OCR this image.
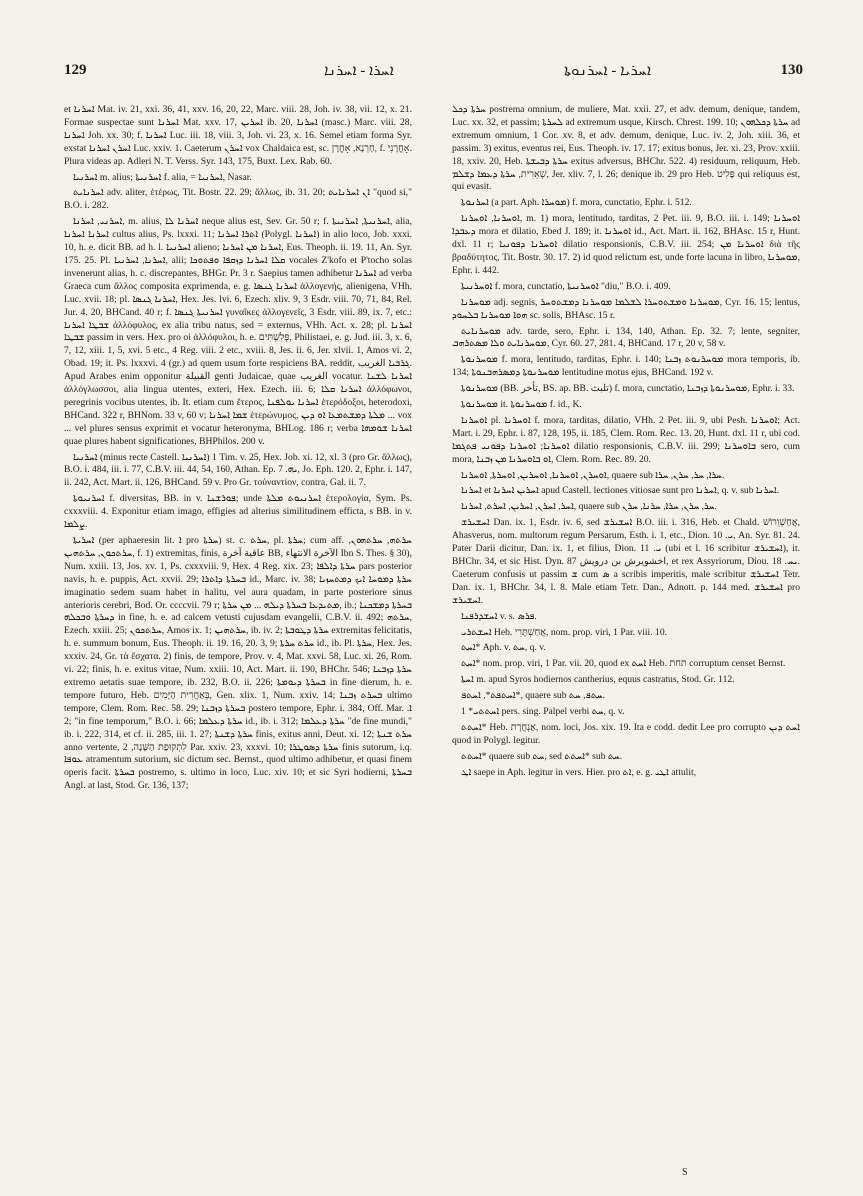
129	ܐܚܪܐ - ܐܚܪܢܐ	ܐܚܪܝܐ - ܐܚܪܢܘܬܐ	130

et ܐܚܪܢܐ Mat. iv. 21, xxi. 36, 41, xxv. 16, 20, 22, Marc. viii. 28, Joh. iv. 38, vii. 12, x. 21. Formae suspectae sunt ܐܚܪܢܐ Mat. xxv. 17, ܐܚܪܝܢ ib. 20, ܐܚܪܢܐ (masc.) Marc. viii. 28, ܐܚܪܢܐ Joh. xx. 30; f. ܐܚܪܢܐ Luc. iii. 18, viii. 3, Joh. vi. 23, x. 16. Semel etiam forma Syr. exstat ܐܚܪܢ ܐܚܪܢܐ Luc. xxiv. 1. Caeterum ܐܚܪܢ vox Chaldaica est, sc. חָרְנָא, אָחֳרָן, f. אָחֳרָנִי. Plura videas ap. Adleri N. T. Verss. Syr. 143, 175, Buxt. Lex. Rab. 60.

ܐܚܪܢܝܐ m. alius; ܐܚܪܢܝܬܐ f. alia, = ܐܚܪܢܝܐ, Nasar.

ܐܚܪܢܐܝܬ adv. aliter, ἑτέρως, Tit. Bostr. 22. 29; ἄλλως, ib. 31. 20; ܐܢ ܐܚܪܢܐܝܬ "quod si," B.O. i. 282.

ܐܚܪܢܝ, ܐܚܪܢܐ, m. alius, ܐܚܪܢܐ ܠܐ neque alius est, Sev. Gr. 50 r; f. ܐܚܪܢܝܬܐ, ܐܚܪܢܝܬܐ, alia, ܐܚܪܢܐ ܐܚܪܢܐ cultus alius, Ps. lxxxi. 11; ܐܬܪܐ ܐܚܪܢܐ (Polygl. ܐܚܪܢܐ) in alio loco, Job. xxxi. 10, h. e. dicit BB. ad h. l. ܐܚܪܢܝܐ alieno; ܐܚܪܢܐ ܡܢ ܐܚܪܢܐ, Eus. Theoph. ii. 19. 11, An. Syr. 175. 25. Pl. ܐܚܪܢܐ, ܐܚܪܢܝܐ, alii; ܩܠܐ ܐܚܪܢܐ ܕܙܩܦܐ ܘܦܬܘܟܐ vocales Z'kofo et P'tocho solas invenerunt alias, h. c. discrepantes, BHGr. Pr. 3 r. Saepius tamen adhibetur ܐܚܪܢܐ ad verba Graeca cum ἄλλος composita exprimenda, e. g. ܐܚܪܢܐ ܓܢܣܐ ἀλλογενής, alienigena, VHh. Luc. xvii. 18; pl. ܐܚܪܢܐ ܓܢܣܐ, Hex. Jes. lvi. 6, Ezech. xliv. 9, 3 Esdr. viii. 70, 71, 84, Rel. Jur. 4. 20, BHCand. 40 r; f. ܐܚܪܢܝܬܐ ܓܢܣܐ γυναῖκες ἀλλογενεῖς, 3 Esdr. viii. 89, ix. 7, etc.: ܫܒܛܐ ܐܚܪܢܐ ἀλλόφυλος, ex alia tribu natus, sed = externus, VHh. Act. x. 28; pl. ܐܚܪܢܐ ܫܒܛܐ passim in vers. Hex. pro οἱ ἀλλόφυλοι, h. e. פְּלִשְׁתִּים, Philistaei, e. g. Jud. iii. 3, x. 6, 7, 12, xiii. 1, 5, xvi. 5 etc., 4 Reg. viii. 2 etc., xviii. 8, Jes. ii. 6, Jer. xlvii. 1, Amos vi. 2, Obad. 19; it. Ps. lxxxvi. 4 (gr.) ad quem usum forte respiciens BA. reddit, ܓܪܒܝܐ الغريب. Apud Arabes enim opponitur القبيلة genti Judaicae, quae الغريب vocatur. ܐܚܪܢܐ ܠܫܢܐ ἀλλόγλωσσοι, alia lingua utentes, exteri, Hex. Ezech. iii. 6; ܐܚܪܢܐ ܩܠܐ ἀλλόφωνοι, peregrinis vocibus utentes, ib. It. etiam cum ἕτερος, ܐܚܪܢܐ ܝܘܠܦܢܐ ἑτερόδοξοι, heterodoxi, BHCand. 322 r, BHNom. 33 v, 60 v; ܫܡܐ ܐܚܪܢܐ ἑτερώνυμος, ܡܠܬܐ ܕܡܫܬܡܥܐ ܐܘ ܕܝܢ ... vox ... vel plures sensus exprimit et vocatur heteronyma, BHLog. 186 r; verba ܐܚܪܢܐ ܫܘܡܗܐ quae plures habent significationes, BHPhilos. 200 v.

ܐܚܪܢܝܐ (minus recte Castell. ܐܚܪܢܝܐ) 1 Tim. v. 25, Hex. Job. xi. 12, xl. 3 (pro Gr. ἄλλως), B.O. i. 484, iii. i. 77, C.B.V. iii. 44, 54, 160, Athan. Ep. ܝܗ. 7, Jo. Eph. 120. 2, Ephr. i. 147, ii. 242, Act. Mart. ii. 126, BHCand. 59 v. Pro Gr. τοὐναντίον, contra, Gal. ii. 7.

ܐܚܪܢܝܘܬܐ f. diversitas, BB. in v. ܦܘܪܫܢܐ; unde ܐܚܪܢܝܘܬ ܡܠܬܐ ἑτερολογία, Sym. Ps. cxxxviii. 4. Exponitur etiam imago, effigies ad alterius similitudinem efficta, s BB. in v. ܨܠܡܐ.

ܐܚܪܝܬܐ (per aphaeresin lit. ܐ pro ܚܪܬܐ) st. c. ܚܪܬ, pl. ܚܪܬܐ; cum aff. ܚܪܬܗ, ܚܪܬܗܘܢ, ܚܪܬܟܘܢ, ܚܪܬܗܝܢ, f. 1) extremitas, finis, عاقبة آخرة BB, الآخرة الانتهاء Ibn S. Thes. § 30), Num. xxiii. 13, Jos. xv. 1, Ps. cxxxviii. 9, Hex. 4 Reg. xix. 23; ܚܪܬܐ ܕܐܠܦܐ pars posterior navis, h. e. puppis, Act. xxvii. 29; ܒܚܪܬܐ ܕܐܬܪܐ id., Marc. iv. 38; ܚܪܬܐ ܕܡܘܚܐ ܐܝܟ ܕܡܬܚܙܝܐ imaginatio sedem suam habet in halitu, vel aura quadam, in parte posteriore sinus anterioris cerebri, Bod. Or. ccccvii. 79 r; ܡܬܝܕܥܐ ܒܚܪܬܐ ܕܝܠܗ ... ܡܢ ܚܪܬܐ, ib.; ܒܚܪܬܐ ܕܡܫܟܢܐ ܕܚܪܬܐ ܘܒܟܠܗ in fine, h. e. ad calcem vetusti cujusdam evangelii, C.B.V. ii. 492; ܚܪܬܗ, Ezech. xxiii. 25; ܚܪܬܟܘܢ, Amos ix. 1; ܚܪܬܗܝܢ, ib. iv. 2; ܚܪܬܐ ܕܛܘܒܬܐ extremitas felicitatis, h. e. summum bonum, Eus. Theoph. ii. 19. 16, 20. 3, 9; ܚܪܬ ܚܪܬܐ id., ib. Pl. ܚܪܬܐ, Hex. Jes. xxxiv. 24, Gr. τὰ ἔσχατα. 2) finis, de tempore, Prov. v. 4, Mat. xxvi. 58, Luc. xi. 26, Rom. vi. 22; finis, h. e. exitus vitae, Num. xxiii. 10, Act. Mart. ii. 190, BHChr. 546; ܚܪܬܐ ܕܙܒܢܐ extremo aetatis suae tempore, ib. 232, B.O. ii. 226; ܒܚܪܬܐ ܕܝܘܡܬܐ in fine dierum, h. e. tempore futuro, Heb. בְּאַחֲרִית הַיָּמִים, Gen. xlix. 1, Num. xxiv. 14; ܒܚܪܬ ܙܒܢܐ ultimo tempore, Clem. Rom. Rec. 58. 29; ܒܚܪܬܐ ܕܙܒܢܐ postero tempore, Ephr. i. 384, Off. Mar. ܐ. 2; "in fine temporum," B.O. i. 66; ܚܪܬܐ ܕܥܠܡܐ id., ib. i. 312; ܚܪܬܐ ܕܥܠܡܐ "de fine mundi," ib. i. 222, 314, et cf. ii. 285, iii. 1. 27; ܚܪܬܐ ܕܫܢܬܐ finis, exitus anni, Deut. xi. 12; ܚܪܬ ܫܢܬܐ anno vertente, לִתְקוּפַת הַשָּׁנָה, 2 Par. xxiv. 23, xxxvi. 10; ܚܪܬܐ ܕܣܘܛܪܐ finis sutorum, i.q. ܥܘܦܐ atramentum sutorium, sic dictum sec. Bernst., quod ultimo adhibetur, et quasi finem operis facit. ܒܚܪܬܐ postremo, s. ultimo in loco, Luc. xiv. 10; et sic Syri hodierni, ܒܚܪܬܐ Angl. at last, Stod. Gr. 136, 137;

ܚܪܬܐ ܕܟܠ postrema omnium, de muliere, Mat. xxii. 27, et adv. demum, denique, tandem, Luc. xx. 32, et passim; ܠܚܪܬܐ ad extremum usque, Kirsch. Chrest. 199. 10; ܚܪܬܐ ܕܟܠܗܘܢ ad extremum omnium, 1 Cor. xv. 8, et adv. demum, denique, Luc. iv. 2, Joh. xiii. 36, et passim. 3) exitus, eventus rei, Eus. Theoph. iv. 17. 17; exitus bonus, Jer. xi. 23, Prov. xxiii. 18, xxiv. 20, Heb. ܚܪܬܐ ܕܒܝܫܬܐ exitus adversus, BHChr. 522. 4) residuum, reliquum, Heb. שְׁאֵרִית, ܚܪܬܐ ܕܥܡܐ ܕܫܠܡ, Jer. xliv. 7, l. 26; denique ib. 29 pro Heb. פָּלִיט qui reliquus est, qui evasit.

ܐܚܪܢܘܬܐ (a part. Aph. ܡܘܚܪܐ) f. mora, cunctatio, Ephr. i. 512.

ܐܘܚܪܢܐ, ܐܘܚܪܢܐ, m. 1) mora, lentitudo, tarditas, 2 Pet. iii. 9, B.O. iii. i. 149; ܐܘܚܪܢܐ ܕܥܒܕܐ mora et dilatio, Ebed J. 189; it. ܐܘܚܪܢܐ id., Act. Mart. ii. 162, BHAsc. 15 r, Hunt. dxl. 11 r; ܐܘܚܪܢܐ ܕܦܘܢܝܐ dilatio responsionis, C.B.V. iii. 254; ܐܘܚܪܢܐ ܡܢ διὰ τῆς βραδύτητος, Tit. Bostr. 30. 17. 2) id quod relictum est, unde forte lacuna in libro, ܡܘܚܪܢܐ, Ephr. i. 442.

ܐܘܚܪܢܝܬܐ f. mora, cunctatio, ܐܘܚܪܢܝܬܐ "diu," B.O. i. 409.

ܡܘܚܪܢܐ adj. segnis, ܡܘܚܪܢܐ ܘܡܫܬܘܚܪܐ ܠܫܠܡܐ ܡܘܚܪܢܐ ܕܡܫܬܘܚܪ, Cyr. 16. 15; lentus, ܗܘܐ ܡܘܚܪܢܐ ܒܠܚܘܕ sc. solis, BHAsc. 15 r.

ܡܘܚܪܢܐܝܬ adv. tarde, sero, Ephr. i. 134, 140, Athan. Ep. 32. 7; lente, segniter, ܡܘܚܪܢܐܝܬ ܘܠܐ ܡܣܬܪܗܒ, Cyr. 60. 27, 281. 4, BHCand. 17 r, 20 v, 58 v.

ܡܘܚܪܢܘܬܐ f. mora, lentitudo, tarditas, Ephr. i. 140; ܡܘܚܪܢܘܬ ܙܒܢܐ mora temporis, ib. 134; ܡܘܚܪܢܘܬܐ ܕܡܣܪܗܒܢܘܬܐ lentitudine motus ejus, BHCand. 192 v.

ܡܘܚܪܢܘܬܐ (BB. تأخر, BS. ap. BB. تلبث) f. mora, cunctatio, ܡܘܚܪܢܘܬܐ ܕܙܒܢܐ, Ephr. i. 33.

ܡܘܚܪܢܘܬܐ it. ܡܘܚܪܢܘܬܐ f. id., K.

ܐܘܚܪܢܐ pl. ܐܘܚܪܢܐ f. mora, tarditas, dilatio, VHh. 2 Pet. iii. 9, ubi Pesh. ܐܘܚܪܢܐ; Act. Mart. i. 29, Ephr. i. 87, 128, 195, ii. 185, Clem. Rom. Rec. 13. 20, Hunt. dxl. 11 r, ubi cod. ܐܘܚܪܢܐ; ܐܘܚܪܢܐ ܕܦܘܢܝ ܦܬܓܡܐ dilatio responsionis, C.B.V. iii. 299; ܒܐܘܚܪܢܐ sero, cum mora, ܐܘ ܒܐܘܚܪܢܐ ܡܢ ܙܒܢܐ, Clem. Rom. Rec. 89. 20.

ܐܘܚܪܢ, ܐܘܚܪܢܐ, ܐܘܚܪܝܢ, ܐܘܚܪܬܐ, ܐܘܚܪܢܐ, quaere sub ܚܪܐ, ܚܪ, ܚܪܢ, ܚܪܐ.

ܐܚܪܢܐ et ܐܚܪܝܢ ܐܚܪܢܐ apud Castell. lectiones vitiosae sunt pro ܐܚܪܢܐ, q. v. sub ܐܚܪܢܐ.

ܐܚܪ, ܐܚܪܢ, ܐܚܪܝܢ, ܐܚܪܬ, ܐܚܪܢܐ, quaere sub ܚܪ, ܚܪܢ, ܚܪܐ, ܚܪܢܐ, ܚܪܢ.

ܐܚܫܝܪܫ Dan. ix. 1, Esdr. iv. 6, sed ܐܚܫܝܪܫ B.O. iii. i. 316, Heb. et Chald. אֲחַשְׁוֵרוֹשׁ, Ahasverus, nom. multorum regum Persarum, Esth. i. 1, etc., Dion. ܝ. 10, An. Syr. 81. 24. Pater Darii dicitur, Dan. ix. 1, et filius, Dion. ܝ. 11 (ubi et l. 16 scribitur ܐܚܫܝܪܫ), it. BHChr. 34, et sic Hist. Dyn. 87 اخشويرش بن درويش, et rex Assyriorum, Diou. ܝܚ. 18. Caeterum confusis ut passim ܫ cum ܣ a scribis imperitis, male scribitur ܐܚܫܝܪܫ Tetr. Dan. ix. 1, BHChr. 34, l. 8. Male etiam Tetr. Dan., Adnott. p. 144 med. ܐܚܫܝܪܫ pro ܐܚܫܝܪܫ.

ܐܚܫܕܪܦܢܐ v. s. ܦܪܣ.

ܐܚܫܬܪܝ Heb. אֲחַשְׁתָּרִי, nom. prop. viri, 1 Par. viii. 10.

ܐܚܬ* Aph. v. ܚܬ, q. v.

ܐܚܬ* nom. prop. viri, 1 Par. vii. 20, quod ex ܐܚܬ Heb. תחת corruptum censet Bernst.

ܐܚܬܐ m. apud Syros hodiernos cantherius, equus castratus, Stod. Gr. 112.

ܐܚܬܦܬ*, ܐܚܬܦ*, quaere sub ܚܬܦ, ܚܬ.

ܐܚܬܬܝ* 1 pers. sing. Palpel verbi ܚܬ, q. v.

ܐܚܬܬ* Heb. אַנְחֲרָת, nom. loci, Jos. xix. 19. Ita e codd. dedit Lee pro corrupto ܐܚܬ ܕܝܢ quod in Polygl. legitur.

ܐܚܬܬ* quaere sub ܚܬ, sed ܐܚܬܬ* sub ܚܬ.

ܐܛ saepe in Aph. legitur in vers. Hier. pro ܐܬ, e. g. ܐܛܝ attulit,

S
